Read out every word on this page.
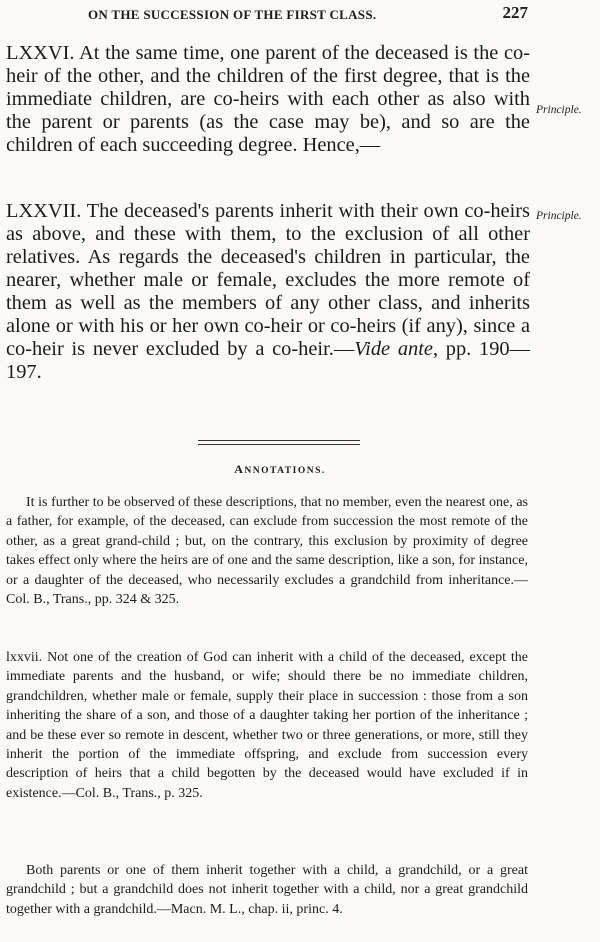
ON THE SUCCESSION OF THE FIRST CLASS.	227

LXXVI. At the same time, one parent of the deceased is the co-heir of the other, and the children of the first degree, that is the immediate children, are co-heirs with each other as also with the parent or parents (as the case may be), and so are the children of each succeeding degree. Hence,—

Principle.

LXXVII. The deceased's parents inherit with their own co-heirs as above, and these with them, to the exclusion of all other relatives. As regards the deceased's children in particular, the nearer, whether male or female, excludes the more remote of them as well as the members of any other class, and inherits alone or with his or her own co-heir or co-heirs (if any), since a co-heir is never excluded by a co-heir.—Vide ante, pp. 190—197.

Principle.
ANNOTATIONS.

It is further to be observed of these descriptions, that no member, even the nearest one, as a father, for example, of the deceased, can exclude from succession the most remote of the other, as a great grand-child ; but, on the contrary, this exclusion by proximity of degree takes effect only where the heirs are of one and the same description, like a son, for instance, or a daughter of the deceased, who necessarily excludes a grandchild from inheritance.—Col. B., Trans., pp. 324 & 325.

lxxvii. Not one of the creation of God can inherit with a child of the deceased, except the immediate parents and the husband, or wife; should there be no immediate children, grandchildren, whether male or female, supply their place in succession : those from a son inheriting the share of a son, and those of a daughter taking her portion of the inheritance ; and be these ever so remote in descent, whether two or three generations, or more, still they inherit the portion of the immediate offspring, and exclude from succession every description of heirs that a child begotten by the deceased would have excluded if in existence.—Col. B., Trans., p. 325.

Both parents or one of them inherit together with a child, a grandchild, or a great grandchild ; but a grandchild does not inherit together with a child, nor a great grandchild together with a grandchild.—Macn. M. L., chap. ii, princ. 4.
